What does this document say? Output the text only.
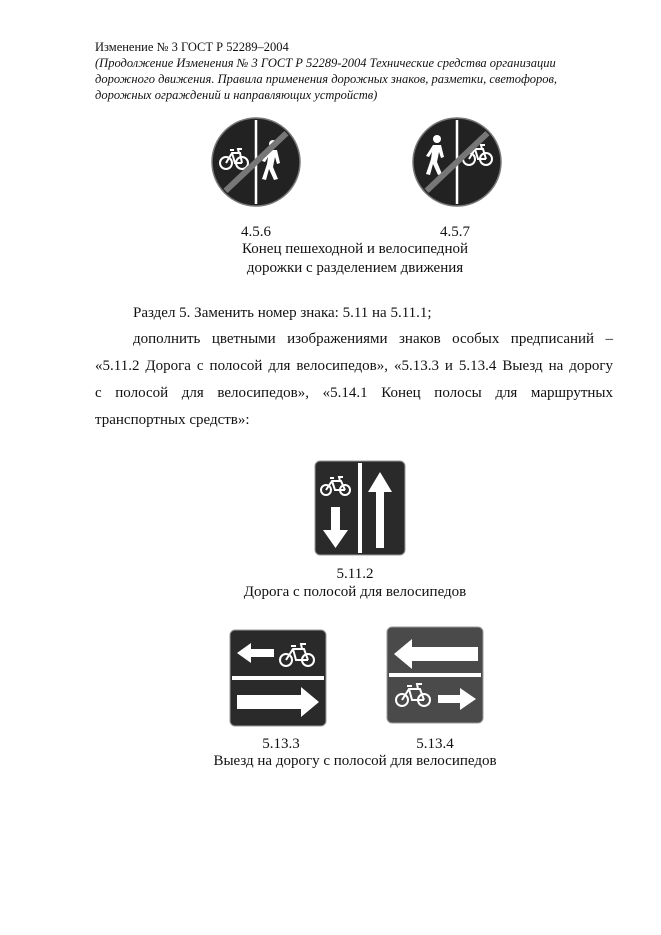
Изменение № 3 ГОСТ Р 52289–2004
(Продолжение Изменения № 3 ГОСТ Р 52289-2004 Технические средства организации дорожного движения. Правила применения дорожных знаков, разметки, светофоров, дорожных ограждений и направляющих устройств)
4.5.6	4.5.7
Конец пешеходной и велосипедной
дорожки с разделением движения
Раздел 5. Заменить номер знака: 5.11 на 5.11.1;
дополнить цветными изображениями знаков особых предписаний –
«5.11.2 Дорога с полосой для велосипедов», «5.13.3 и 5.13.4 Выезд на дорогу
с полосой для велосипедов», «5.14.1 Конец полосы для маршрутных
транспортных средств»:
5.11.2
Дорога с полосой для велосипедов
5.13.3	5.13.4
Выезд на дорогу с полосой для велосипедов
